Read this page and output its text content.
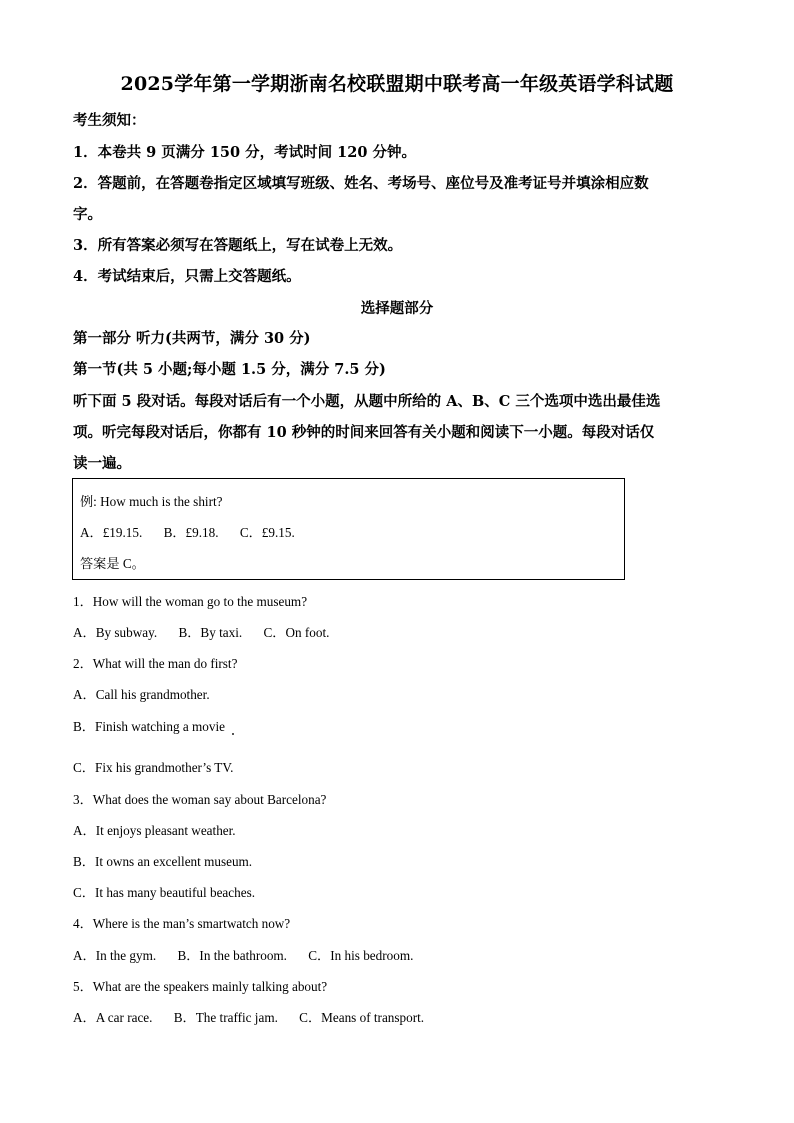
2025学年第一学期浙南名校联盟期中联考高一年级英语学科试题
考生须知：
1．本卷共 9 页满分 150 分，考试时间 120 分钟。
2．答题前，在答题卷指定区域填写班级、姓名、考场号、座位号及准考证号并填涂相应数
字。
3．所有答案必须写在答题纸上，写在试卷上无效。
4．考试结束后，只需上交答题纸。
选择题部分
第一部分 听力(共两节，满分 30 分)
第一节(共 5 小题;每小题 1.5 分，满分 7.5 分)
听下面 5 段对话。每段对话后有一个小题，从题中所给的 A、B、C 三个选项中选出最佳选
项。听完每段对话后，你都有 10 秒钟的时间来回答有关小题和阅读下一小题。每段对话仅
读一遍。
例: How much is the shirt?
A．£19.15. B．£9.18. C．£9.15.
答案是 C。
1．How will the woman go to the museum?
A．By subway. B．By taxi. C．On foot.
2．What will the man do first?
A．Call his grandmother.
B．Finish watching a movie
C．Fix his grandmother’s TV.
3．What does the woman say about Barcelona?
A．It enjoys pleasant weather.
B．It owns an excellent museum.
C．It has many beautiful beaches.
4．Where is the man’s smartwatch now?
A．In the gym. B．In the bathroom. C．In his bedroom.
5．What are the speakers mainly talking about?
A．A car race. B．The traffic jam. C．Means of transport.
